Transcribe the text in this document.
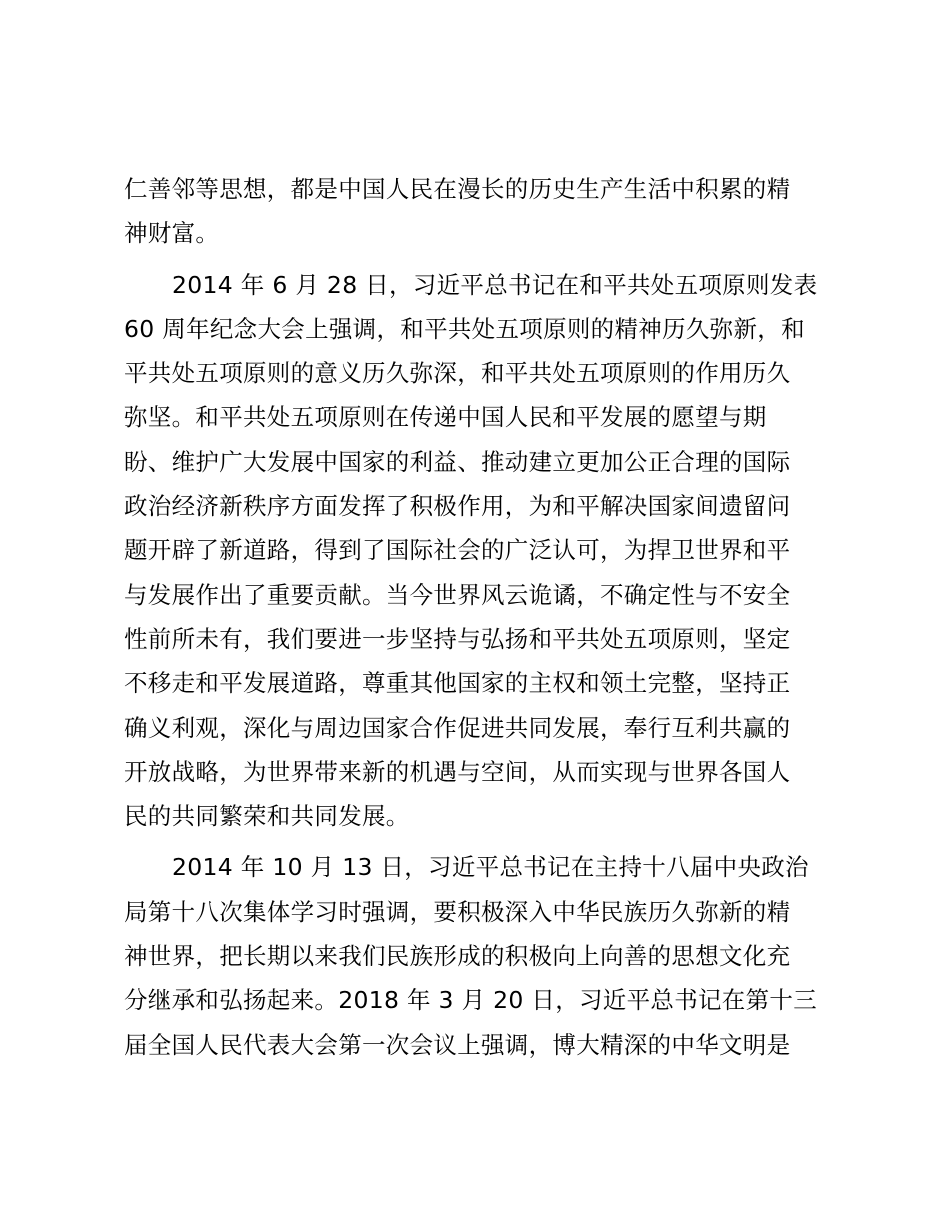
仁善邻等思想，都是中国人民在漫长的历史生产生活中积累的精
神财富。

2014 年 6 月 28 日，习近平总书记在和平共处五项原则发表
60 周年纪念大会上强调，和平共处五项原则的精神历久弥新，和
平共处五项原则的意义历久弥深，和平共处五项原则的作用历久
弥坚。和平共处五项原则在传递中国人民和平发展的愿望与期
盼、维护广大发展中国家的利益、推动建立更加公正合理的国际
政治经济新秩序方面发挥了积极作用，为和平解决国家间遗留问
题开辟了新道路，得到了国际社会的广泛认可，为捍卫世界和平
与发展作出了重要贡献。当今世界风云诡谲，不确定性与不安全
性前所未有，我们要进一步坚持与弘扬和平共处五项原则，坚定
不移走和平发展道路，尊重其他国家的主权和领土完整，坚持正
确义利观，深化与周边国家合作促进共同发展，奉行互利共赢的
开放战略，为世界带来新的机遇与空间，从而实现与世界各国人
民的共同繁荣和共同发展。

2014 年 10 月 13 日，习近平总书记在主持十八届中央政治
局第十八次集体学习时强调，要积极深入中华民族历久弥新的精
神世界，把长期以来我们民族形成的积极向上向善的思想文化充
分继承和弘扬起来。2018 年 3 月 20 日，习近平总书记在第十三
届全国人民代表大会第一次会议上强调，博大精深的中华文明是
